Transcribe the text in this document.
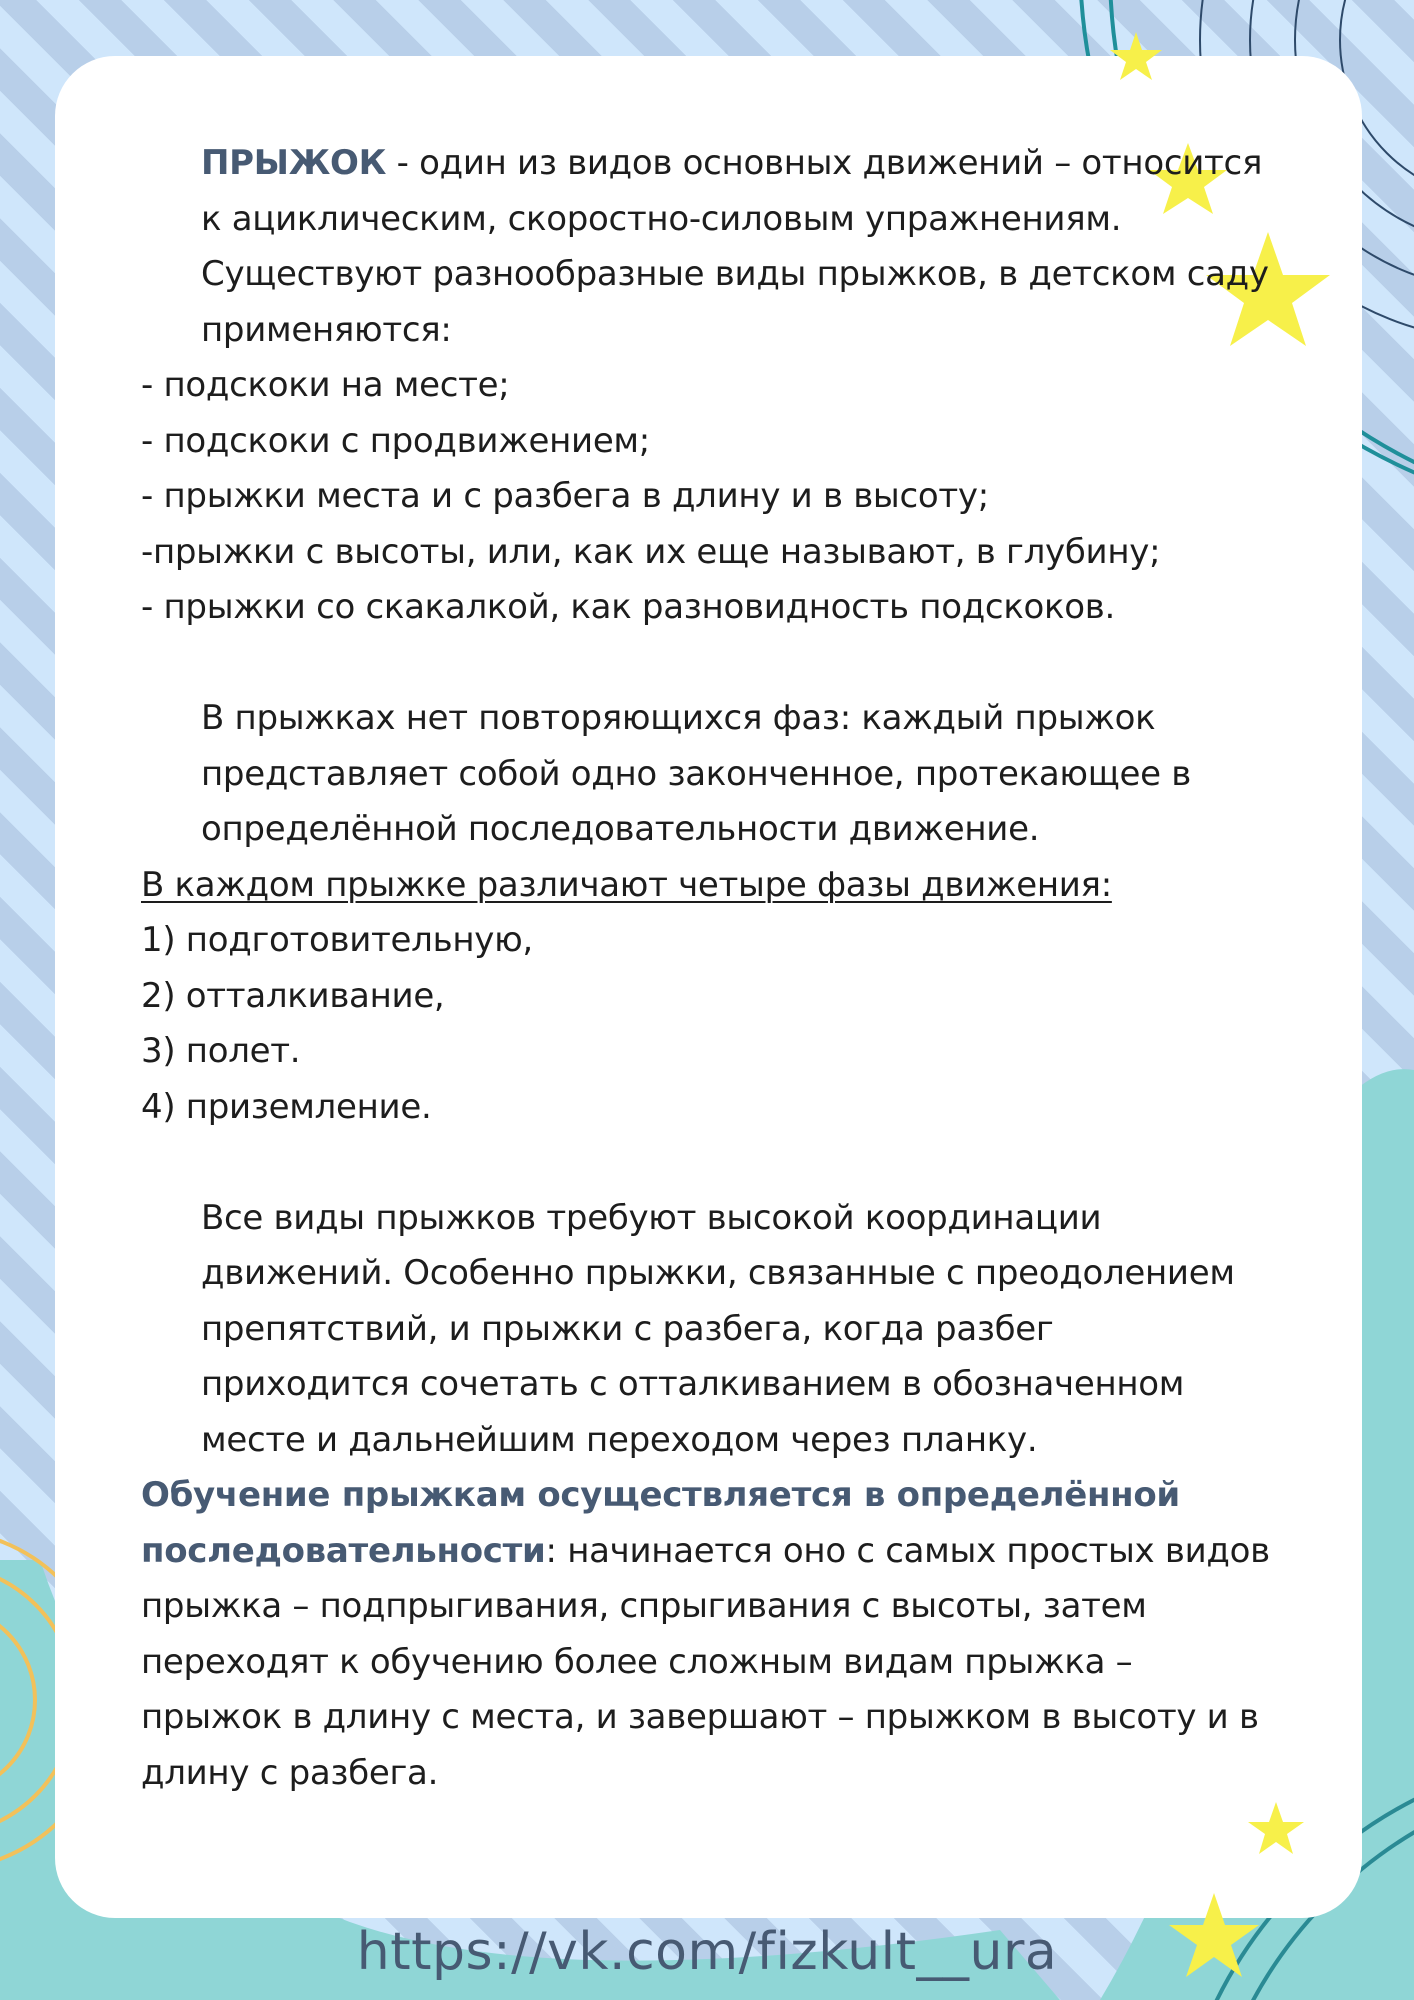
ПРЫЖОК - один из видов основных движений – относится к ациклическим, скоростно-силовым упражнениям.

Существуют разнообразные виды прыжков, в детском саду применяются:

- подскоки на месте;

- подскоки с продвижением;

- прыжки места и с разбега в длину и в высоту;

-прыжки с высоты, или, как их еще называют, в глубину;

- прыжки со скакалкой, как разновидность подскоков.

В прыжках нет повторяющихся фаз: каждый прыжок представляет собой одно законченное, протекающее в определённой последовательности движение.

В каждом прыжке различают четыре фазы движения:

1) подготовительную,

2) отталкивание,

3) полет.

4) приземление.

Все виды прыжков требуют высокой координации движений. Особенно прыжки, связанные с преодолением препятствий, и прыжки с разбега, когда разбег приходится сочетать с отталкиванием в обозначенном месте и дальнейшим переходом через планку.

Обучение прыжкам осуществляется в определённой последовательности: начинается оно с самых простых видов прыжка – подпрыгивания, спрыгивания с высоты, затем переходят к обучению более сложным видам прыжка – прыжок в длину с места, и завершают – прыжком в высоту и в длину с разбега.

https://vk.com/fizkult__ura
